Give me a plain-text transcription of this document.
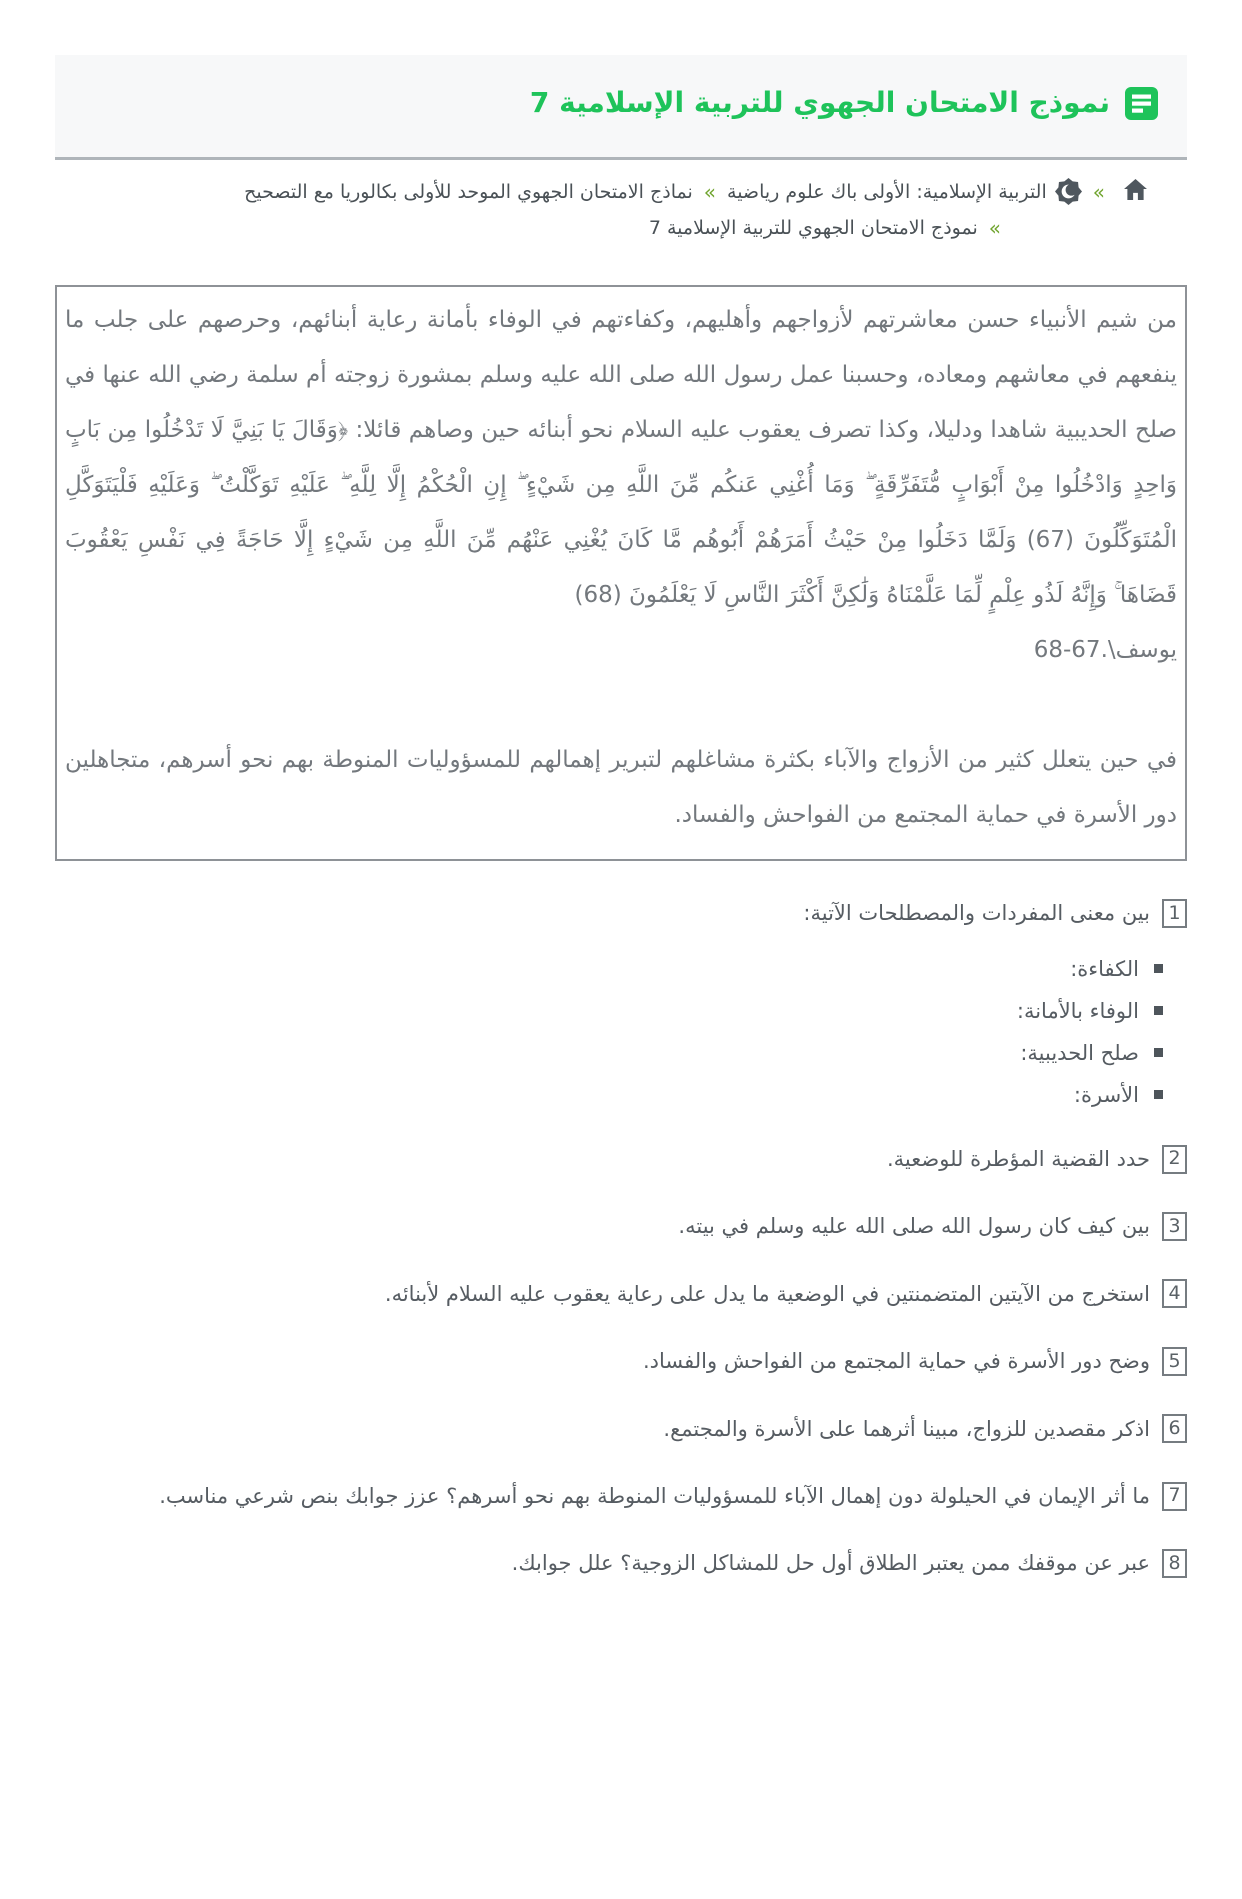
نموذج الامتحان الجهوي للتربية الإسلامية 7
«
التربية الإسلامية: الأولى باك علوم رياضية
«
نماذج الامتحان الجهوي الموحد للأولى بكالوريا مع التصحيح
«
نموذج الامتحان الجهوي للتربية الإسلامية 7

من شيم الأنبياء حسن معاشرتهم لأزواجهم وأهليهم، وكفاءتهم في الوفاء بأمانة رعاية أبنائهم، وحرصهم على جلب ما ينفعهم في معاشهم ومعاده، وحسبنا عمل رسول الله صلى الله عليه وسلم بمشورة زوجته أم سلمة رضي الله عنها في صلح الحديبية شاهدا ودليلا، وكذا تصرف يعقوب عليه السلام نحو أبنائه حين وصاهم قائلا: ﴿وَقَالَ يَا بَنِيَّ لَا تَدْخُلُوا مِن بَابٍ وَاحِدٍ وَادْخُلُوا مِنْ أَبْوَابٍ مُّتَفَرِّقَةٍ ۖ وَمَا أُغْنِي عَنكُم مِّنَ اللَّهِ مِن شَيْءٍ ۖ إِنِ الْحُكْمُ إِلَّا لِلَّهِ ۖ عَلَيْهِ تَوَكَّلْتُ ۖ وَعَلَيْهِ فَلْيَتَوَكَّلِ الْمُتَوَكِّلُونَ (67) وَلَمَّا دَخَلُوا مِنْ حَيْثُ أَمَرَهُمْ أَبُوهُم مَّا كَانَ يُغْنِي عَنْهُم مِّنَ اللَّهِ مِن شَيْءٍ إِلَّا حَاجَةً فِي نَفْسِ يَعْقُوبَ قَضَاهَا ۚ وَإِنَّهُ لَذُو عِلْمٍ لِّمَا عَلَّمْنَاهُ وَلَٰكِنَّ أَكْثَرَ النَّاسِ لَا يَعْلَمُونَ (68)

يوسف\.67-68

في حين يتعلل كثير من الأزواج والآباء بكثرة مشاغلهم لتبرير إهمالهم للمسؤوليات المنوطة بهم نحو أسرهم، متجاهلين دور الأسرة في حماية المجتمع من الفواحش والفساد.

1
بين معنى المفردات والمصطلحات الآتية:
الكفاءة:
الوفاء بالأمانة:
صلح الحديبية:
الأسرة:
2
حدد القضية المؤطرة للوضعية.
3
بين كيف كان رسول الله صلى الله عليه وسلم في بيته.
4
استخرج من الآيتين المتضمنتين في الوضعية ما يدل على رعاية يعقوب عليه السلام لأبنائه.
5
وضح دور الأسرة في حماية المجتمع من الفواحش والفساد.
6
اذكر مقصدين للزواج، مبينا أثرهما على الأسرة والمجتمع.
7
ما أثر الإيمان في الحيلولة دون إهمال الآباء للمسؤوليات المنوطة بهم نحو أسرهم؟ عزز جوابك بنص شرعي مناسب.
8
عبر عن موقفك ممن يعتبر الطلاق أول حل للمشاكل الزوجية؟ علل جوابك.
